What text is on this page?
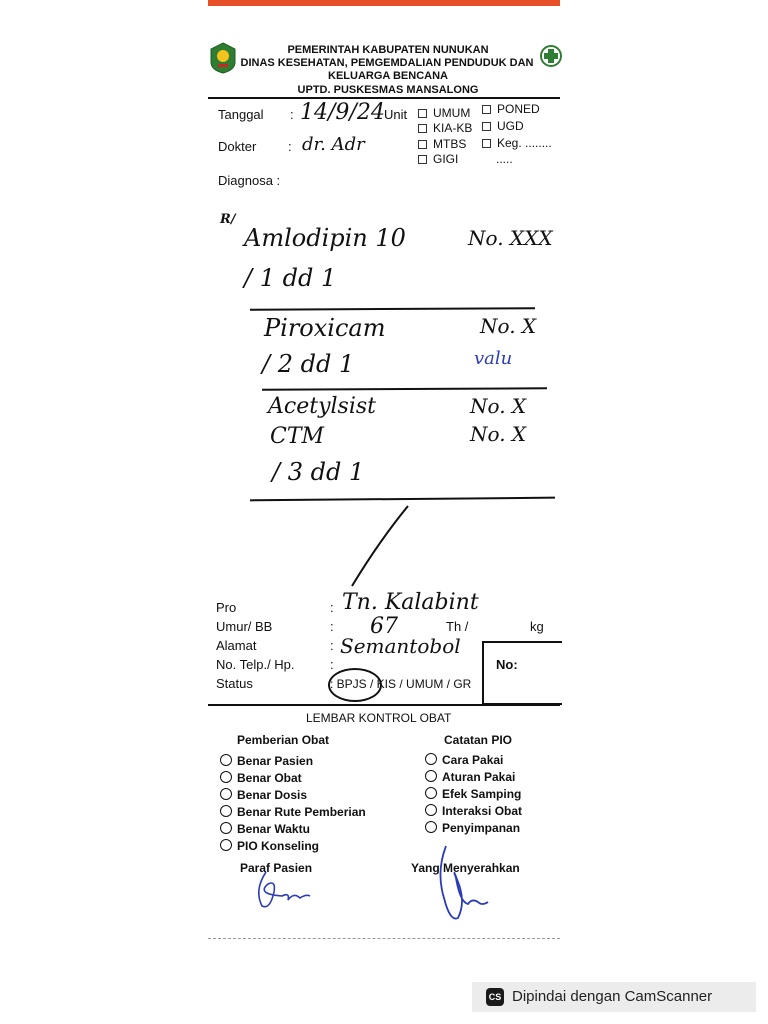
PEMERINTAH KABUPATEN NUNUKAN
DINAS KESEHATAN, PEMGEMDALIAN PENDUDUK DAN
KELUARGA BENCANA
UPTD. PUSKESMAS MANSALONG
Tanggal : 14/9/24 Unit	UMUM
KIA-KB
MTBS
GIGI
PONED
UGD
Keg. ........
.....
Dokter : dr. Adr
Diagnosa :
R/
Amlodipin 10	No. XXX
/ 1 dd 1
Piroxicam	No. X
/ 2 dd 1	valu
Acetylsist	No. X
CTM	No. X
/ 3 dd 1
Pro	: Tn. Kalabint
Umur/ BB	: 67	Th /	kg
Alamat	: Semantobol
No. Telp./ Hp.	:
Status	: BPJS / KIS / UMUM / GR
No:
LEMBAR KONTROL OBAT
Pemberian Obat	Catatan PIO
Benar Pasien
Benar Obat
Benar Dosis
Benar Rute Pemberian
Benar Waktu
PIO Konseling
Cara Pakai
Aturan Pakai
Efek Samping
Interaksi Obat
Penyimpanan
Paraf Pasien	Yang Menyerahkan
CS Dipindai dengan CamScanner
